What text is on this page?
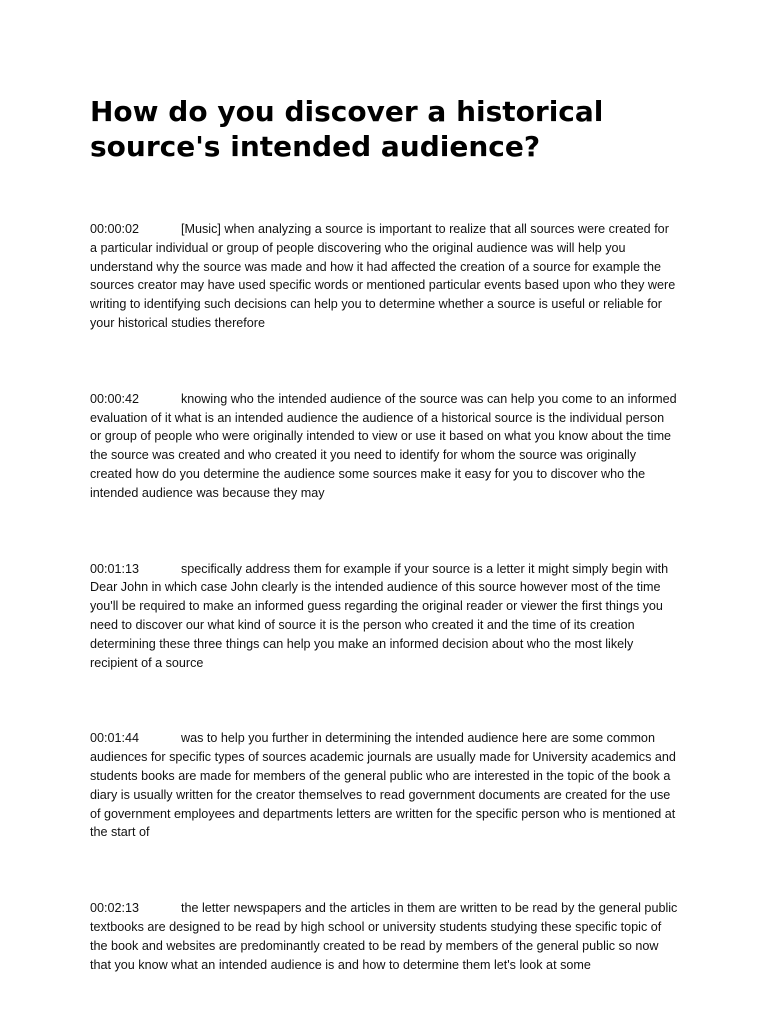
How do you discover a historical source's intended audience?

00:00:02	[Music] when analyzing a source is important to realize that all sources were created for a particular individual or group of people discovering who the original audience was will help you understand why the source was made and how it had affected the creation of a source for example the sources creator may have used specific words or mentioned particular events based upon who they were writing to identifying such decisions can help you to determine whether a source is useful or reliable for your historical studies therefore

00:00:42	knowing who the intended audience of the source was can help you come to an informed evaluation of it what is an intended audience the audience of a historical source is the individual person or group of people who were originally intended to view or use it based on what you know about the time the source was created and who created it you need to identify for whom the source was originally created how do you determine the audience some sources make it easy for you to discover who the intended audience was because they may

00:01:13	specifically address them for example if your source is a letter it might simply begin with Dear John in which case John clearly is the intended audience of this source however most of the time you'll be required to make an informed guess regarding the original reader or viewer the first things you need to discover our what kind of source it is the person who created it and the time of its creation determining these three things can help you make an informed decision about who the most likely recipient of a source

00:01:44	was to help you further in determining the intended audience here are some common audiences for specific types of sources academic journals are usually made for University academics and students books are made for members of the general public who are interested in the topic of the book a diary is usually written for the creator themselves to read government documents are created for the use of government employees and departments letters are written for the specific person who is mentioned at the start of

00:02:13	the letter newspapers and the articles in them are written to be read by the general public textbooks are designed to be read by high school or university students studying these specific topic of the book and websites are predominantly created to be read by members of the general public so now that you know what an intended audience is and how to determine them let's look at some
